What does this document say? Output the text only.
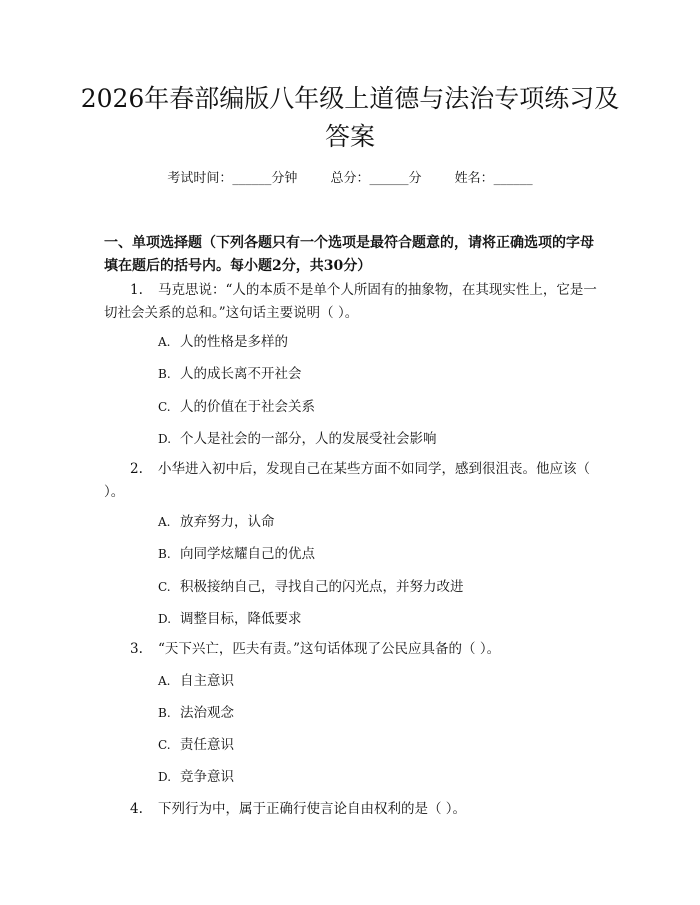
2026年春部编版八年级上道德与法治专项练习及答案
考试时间：______分钟	总分：______分	姓名：______

一、单项选择题（下列各题只有一个选项是最符合题意的，请将正确选项的字母填在题后的括号内。每小题2分，共30分）

1. 马克思说：“人的本质不是单个人所固有的抽象物，在其现实性上，它是一切社会关系的总和。”这句话主要说明（ ）。

A. 人的性格是多样的

B. 人的成长离不开社会

C. 人的价值在于社会关系

D. 个人是社会的一部分，人的发展受社会影响

2. 小华进入初中后，发现自己在某些方面不如同学，感到很沮丧。他应该（ ）。

A. 放弃努力，认命

B. 向同学炫耀自己的优点

C. 积极接纳自己，寻找自己的闪光点，并努力改进

D. 调整目标，降低要求

3. “天下兴亡，匹夫有责。”这句话体现了公民应具备的（ ）。

A. 自主意识

B. 法治观念

C. 责任意识

D. 竞争意识

4. 下列行为中，属于正确行使言论自由权利的是（ ）。
